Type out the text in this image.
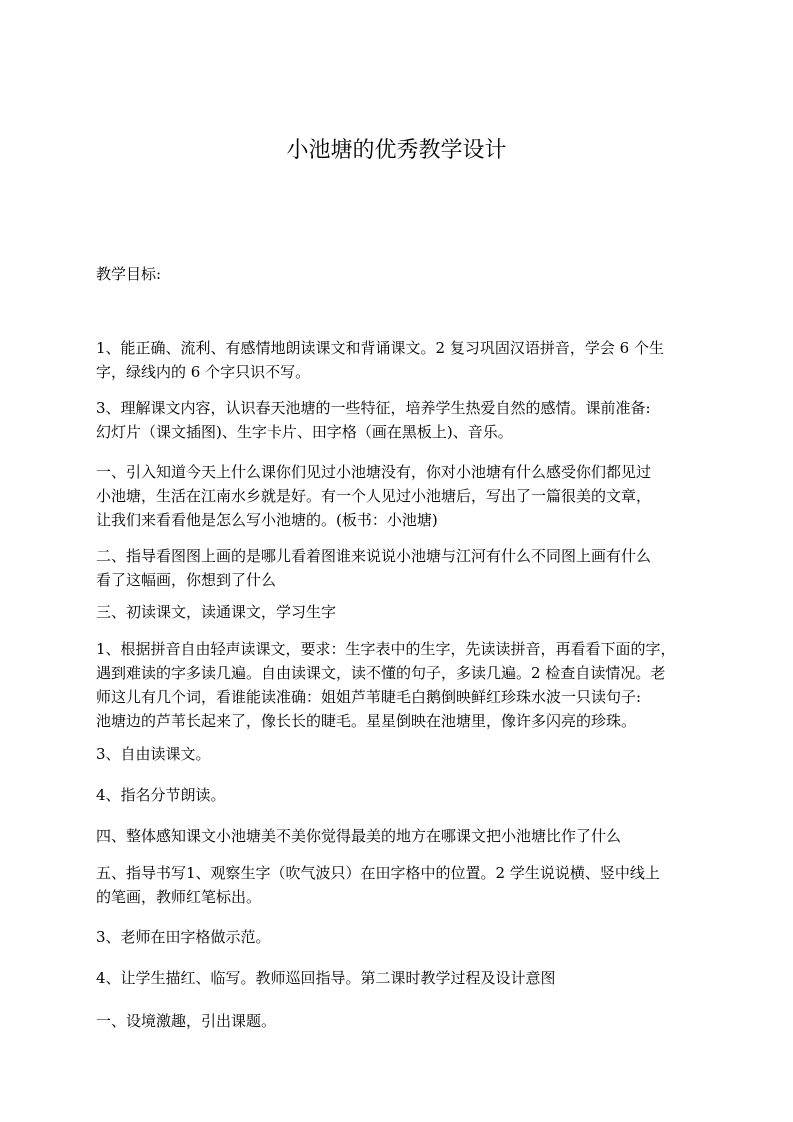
小池塘的优秀教学设计
教学目标:
1、能正确、流利、有感情地朗读课文和背诵课文。2 复习巩固汉语拼音，学会 6 个生
字，绿线内的 6 个字只识不写。
3、理解课文内容，认识春天池塘的一些特征，培养学生热爱自然的感情。课前准备:
幻灯片（课文插图)、生字卡片、田字格（画在黑板上)、音乐。
一、引入知道今天上什么课你们见过小池塘没有，你对小池塘有什么感受你们都见过
小池塘，生活在江南水乡就是好。有一个人见过小池塘后，写出了一篇很美的文章，
让我们来看看他是怎么写小池塘的。(板书：小池塘)
二、指导看图图上画的是哪儿看着图谁来说说小池塘与江河有什么不同图上画有什么
看了这幅画，你想到了什么
三、初读课文，读通课文，学习生字
1、根据拼音自由轻声读课文，要求：生字表中的生字，先读读拼音，再看看下面的字，
遇到难读的字多读几遍。自由读课文，读不懂的句子，多读几遍。2 检查自读情况。老
师这儿有几个词，看谁能读准确：姐姐芦苇睫毛白鹅倒映鲜红珍珠水波一只读句子:
池塘边的芦苇长起来了，像长长的睫毛。星星倒映在池塘里，像许多闪亮的珍珠。
3、自由读课文。
4、指名分节朗读。
四、整体感知课文小池塘美不美你觉得最美的地方在哪课文把小池塘比作了什么
五、指导书写1、观察生字（吹气波只）在田字格中的位置。2 学生说说横、竖中线上
的笔画，教师红笔标出。
3、老师在田字格做示范。
4、让学生描红、临写。教师巡回指导。第二课时教学过程及设计意图
一、设境激趣，引出课题。
